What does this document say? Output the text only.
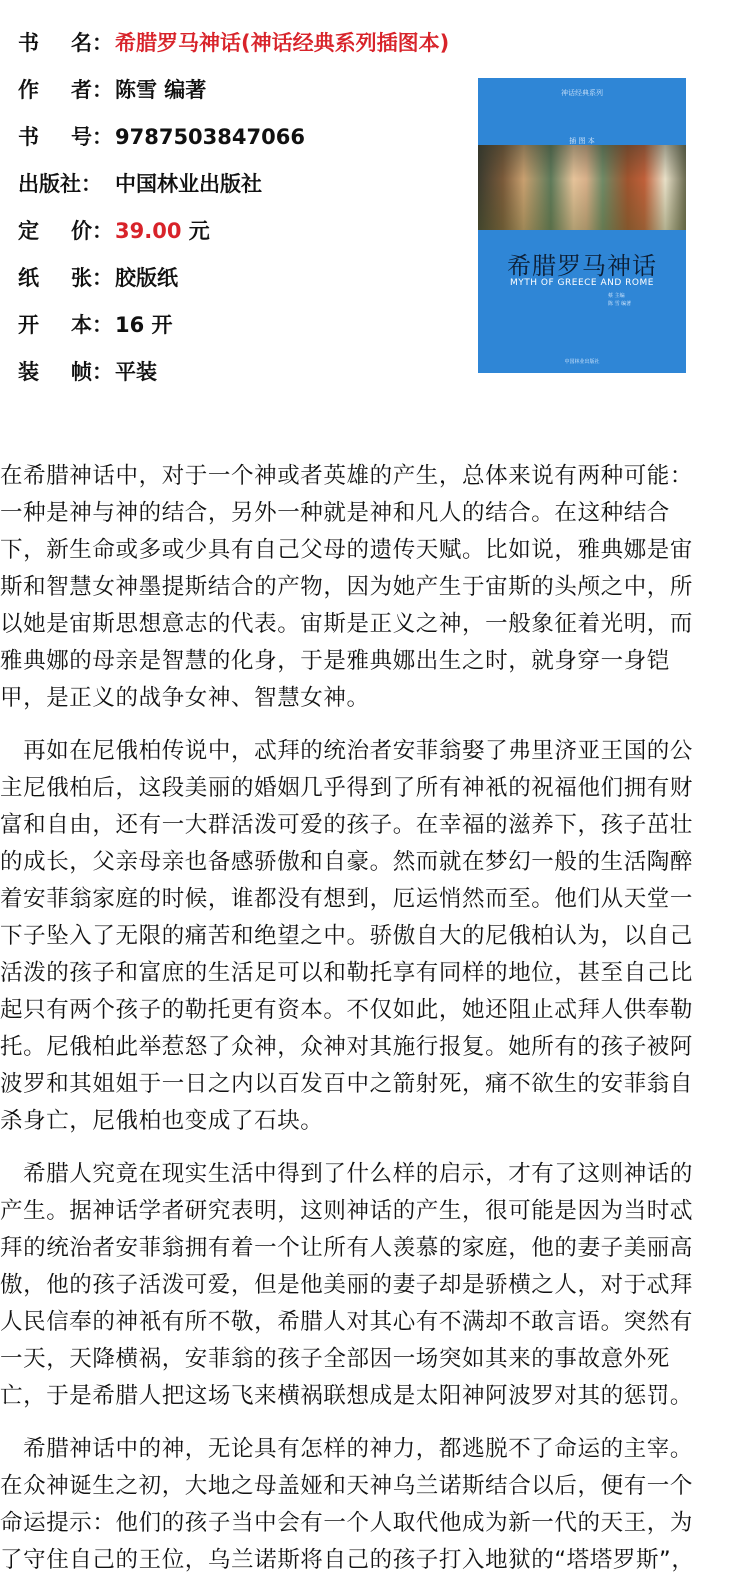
书 名： 希腊罗马神话(神话经典系列插图本)
作 者： 陈雪 编著
书 号： 9787503847066
出版社： 中国林业出版社
定 价： 39.00 元
纸 张： 胶版纸
开 本： 16 开
装 帧： 平装
神话经典系列
插 图 本
希腊罗马神话
MYTH OF GREECE AND ROME
蔡 主编
陈 雪 编著
中国林业出版社
在希腊神话中，对于一个神或者英雄的产生，总体来说有两种可能：
一种是神与神的结合，另外一种就是神和凡人的结合。在这种结合
下，新生命或多或少具有自己父母的遗传天赋。比如说，雅典娜是宙
斯和智慧女神墨提斯结合的产物，因为她产生于宙斯的头颅之中，所
以她是宙斯思想意志的代表。宙斯是正义之神，一般象征着光明，而
雅典娜的母亲是智慧的化身，于是雅典娜出生之时，就身穿一身铠
甲，是正义的战争女神、智慧女神。
　再如在尼俄柏传说中，忒拜的统治者安菲翁娶了弗里济亚王国的公
主尼俄柏后，这段美丽的婚姻几乎得到了所有神衹的祝福他们拥有财
富和自由，还有一大群活泼可爱的孩子。在幸福的滋养下，孩子茁壮
的成长，父亲母亲也备感骄傲和自豪。然而就在梦幻一般的生活陶醉
着安菲翁家庭的时候，谁都没有想到，厄运悄然而至。他们从天堂一
下子坠入了无限的痛苦和绝望之中。骄傲自大的尼俄柏认为，以自己
活泼的孩子和富庶的生活足可以和勒托享有同样的地位，甚至自己比
起只有两个孩子的勒托更有资本。不仅如此，她还阻止忒拜人供奉勒
托。尼俄柏此举惹怒了众神，众神对其施行报复。她所有的孩子被阿
波罗和其姐姐于一日之内以百发百中之箭射死，痛不欲生的安菲翁自
杀身亡，尼俄柏也变成了石块。
　希腊人究竟在现实生活中得到了什么样的启示，才有了这则神话的
产生。据神话学者研究表明，这则神话的产生，很可能是因为当时忒
拜的统治者安菲翁拥有着一个让所有人羡慕的家庭，他的妻子美丽高
傲，他的孩子活泼可爱，但是他美丽的妻子却是骄横之人，对于忒拜
人民信奉的神衹有所不敬，希腊人对其心有不满却不敢言语。突然有
一天，天降横祸，安菲翁的孩子全部因一场突如其来的事故意外死
亡，于是希腊人把这场飞来横祸联想成是太阳神阿波罗对其的惩罚。
　希腊神话中的神，无论具有怎样的神力，都逃脱不了命运的主宰。
在众神诞生之初，大地之母盖娅和天神乌兰诺斯结合以后，便有一个
命运提示：他们的孩子当中会有一个人取代他成为新一代的天王，为
了守住自己的王位，乌兰诺斯将自己的孩子打入地狱的“塔塔罗斯”，
